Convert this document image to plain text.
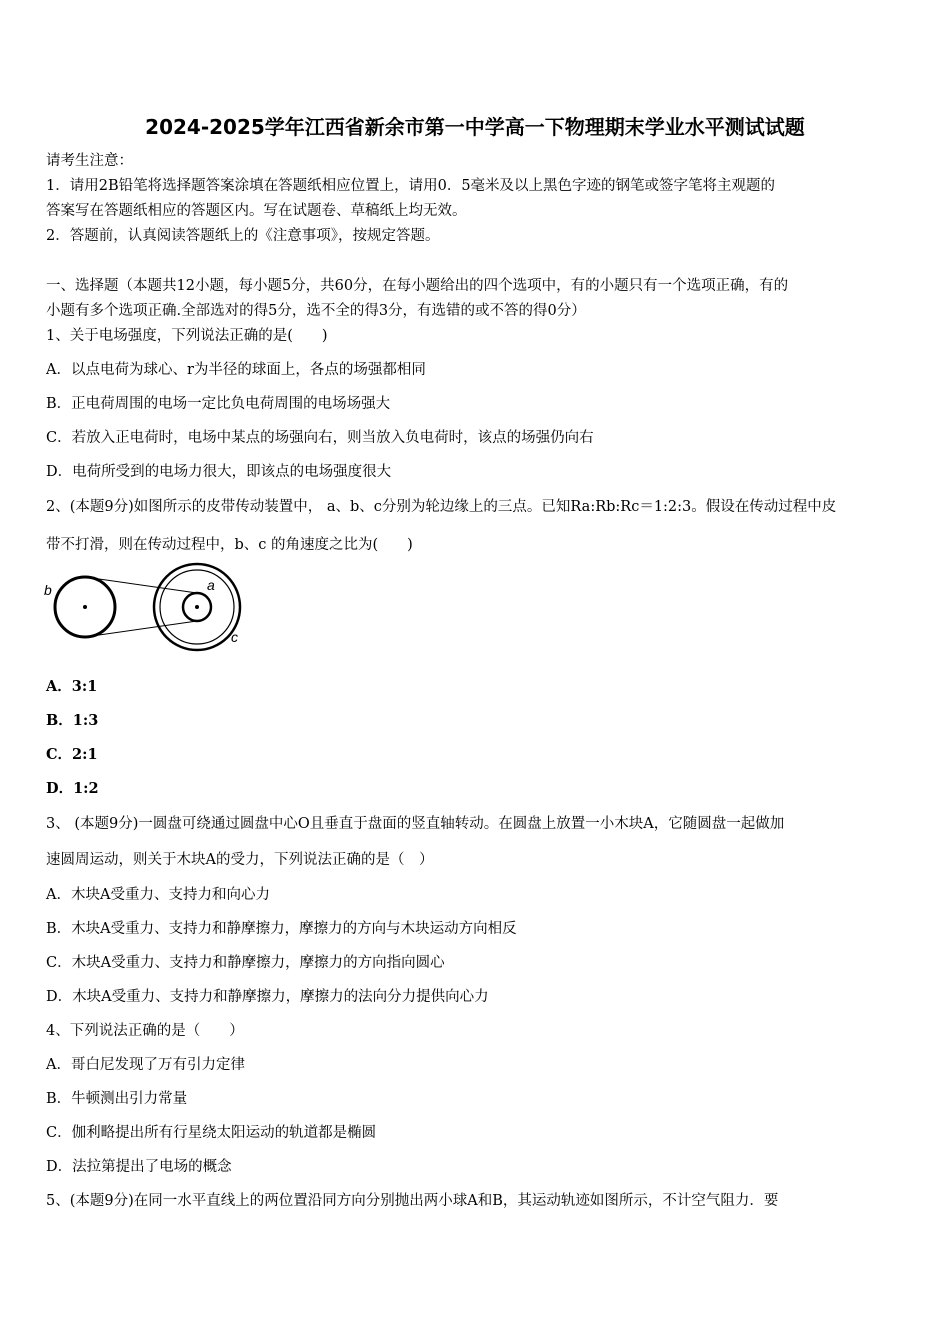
2024-2025学年江西省新余市第一中学高一下物理期末学业水平测试试题
请考生注意：
1．请用2B铅笔将选择题答案涂填在答题纸相应位置上，请用0．5毫米及以上黑色字迹的钢笔或签字笔将主观题的
答案写在答题纸相应的答题区内。写在试题卷、草稿纸上均无效。
2．答题前，认真阅读答题纸上的《注意事项》，按规定答题。
一、选择题（本题共12小题，每小题5分，共60分，在每小题给出的四个选项中，有的小题只有一个选项正确，有的
小题有多个选项正确.全部选对的得5分，选不全的得3分，有选错的或不答的得0分）
1、关于电场强度，下列说法正确的是(　　)
A．以点电荷为球心、r为半径的球面上，各点的场强都相同
B．正电荷周围的电场一定比负电荷周围的电场场强大
C．若放入正电荷时，电场中某点的场强向右，则当放入负电荷时，该点的场强仍向右
D．电荷所受到的电场力很大，即该点的电场强度很大
2、(本题9分)如图所示的皮带传动装置中， a、b、c分别为轮边缘上的三点。已知Ra:Rb:Rc＝1:2:3。假设在传动过程中皮
带不打滑，则在传动过程中，b、c 的角速度之比为(　　)
b	a
c
A．3:1
B．1:3
C．2:1
D．1:2
3、 (本题9分)一圆盘可绕通过圆盘中心O且垂直于盘面的竖直轴转动。在圆盘上放置一小木块A，它随圆盘一起做加
速圆周运动，则关于木块A的受力，下列说法正确的是（　）
A．木块A受重力、支持力和向心力
B．木块A受重力、支持力和静摩擦力，摩擦力的方向与木块运动方向相反
C．木块A受重力、支持力和静摩擦力，摩擦力的方向指向圆心
D．木块A受重力、支持力和静摩擦力，摩擦力的法向分力提供向心力
4、下列说法正确的是（　　）
A．哥白尼发现了万有引力定律
B．牛顿测出引力常量
C．伽利略提出所有行星绕太阳运动的轨道都是椭圆
D．法拉第提出了电场的概念
5、(本题9分)在同一水平直线上的两位置沿同方向分别抛出两小球A和B，其运动轨迹如图所示，不计空气阻力．要
